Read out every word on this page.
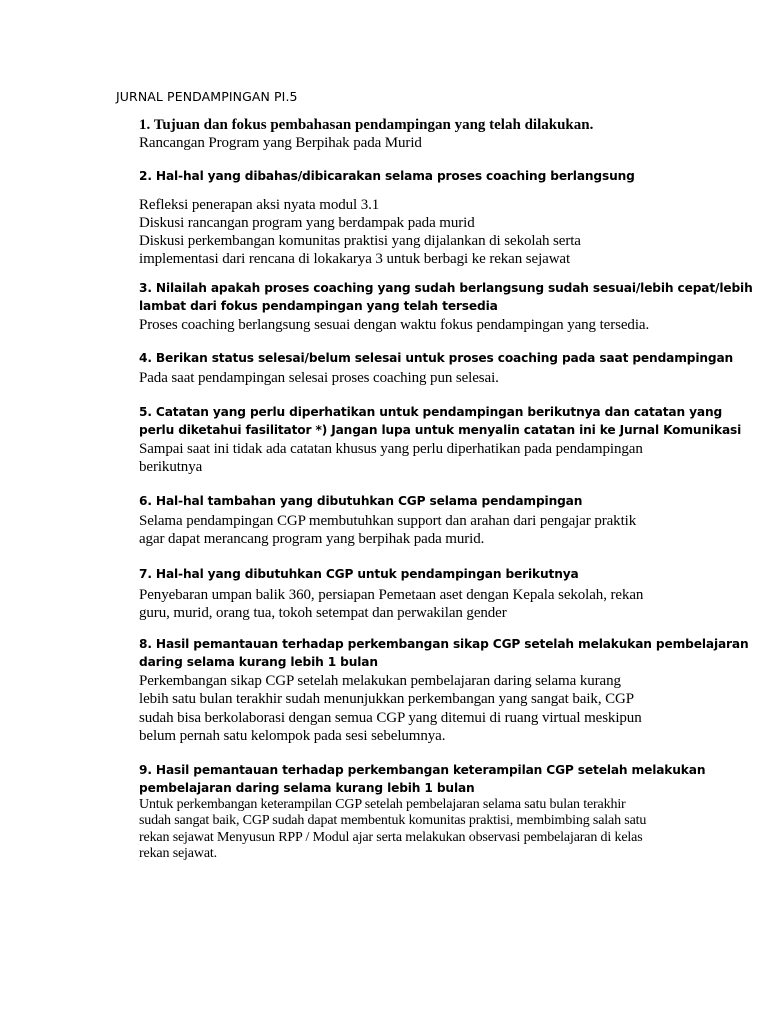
JURNAL PENDAMPINGAN PI.5
1. Tujuan dan fokus pembahasan pendampingan yang telah dilakukan.
Rancangan Program yang Berpihak pada Murid
2. Hal-hal yang dibahas/dibicarakan selama proses coaching berlangsung
Refleksi penerapan aksi nyata modul 3.1
Diskusi rancangan program yang berdampak pada murid
Diskusi perkembangan komunitas praktisi yang dijalankan di sekolah serta
implementasi dari rencana di lokakarya 3 untuk berbagi ke rekan sejawat
3. Nilailah apakah proses coaching yang sudah berlangsung sudah sesuai/lebih cepat/lebih
lambat dari fokus pendampingan yang telah tersedia
Proses coaching berlangsung sesuai dengan waktu fokus pendampingan yang tersedia.
4. Berikan status selesai/belum selesai untuk proses coaching pada saat pendampingan
Pada saat pendampingan selesai proses coaching pun selesai.
5. Catatan yang perlu diperhatikan untuk pendampingan berikutnya dan catatan yang
perlu diketahui fasilitator *) Jangan lupa untuk menyalin catatan ini ke Jurnal Komunikasi
Sampai saat ini tidak ada catatan khusus yang perlu diperhatikan pada pendampingan
berikutnya
6. Hal-hal tambahan yang dibutuhkan CGP selama pendampingan
Selama pendampingan CGP membutuhkan support dan arahan dari pengajar praktik
agar dapat merancang program yang berpihak pada murid.
7. Hal-hal yang dibutuhkan CGP untuk pendampingan berikutnya
Penyebaran umpan balik 360, persiapan Pemetaan aset dengan Kepala sekolah, rekan
guru, murid, orang tua, tokoh setempat dan perwakilan gender
8. Hasil pemantauan terhadap perkembangan sikap CGP setelah melakukan pembelajaran
daring selama kurang lebih 1 bulan
Perkembangan sikap CGP setelah melakukan pembelajaran daring selama kurang
lebih satu bulan terakhir sudah menunjukkan perkembangan yang sangat baik, CGP
sudah bisa berkolaborasi dengan semua CGP yang ditemui di ruang virtual meskipun
belum pernah satu kelompok pada sesi sebelumnya.
9. Hasil pemantauan terhadap perkembangan keterampilan CGP setelah melakukan
pembelajaran daring selama kurang lebih 1 bulan
Untuk perkembangan keterampilan CGP setelah pembelajaran selama satu bulan terakhir
sudah sangat baik, CGP sudah dapat membentuk komunitas praktisi, membimbing salah satu
rekan sejawat Menyusun RPP / Modul ajar serta melakukan observasi pembelajaran di kelas
rekan sejawat.
